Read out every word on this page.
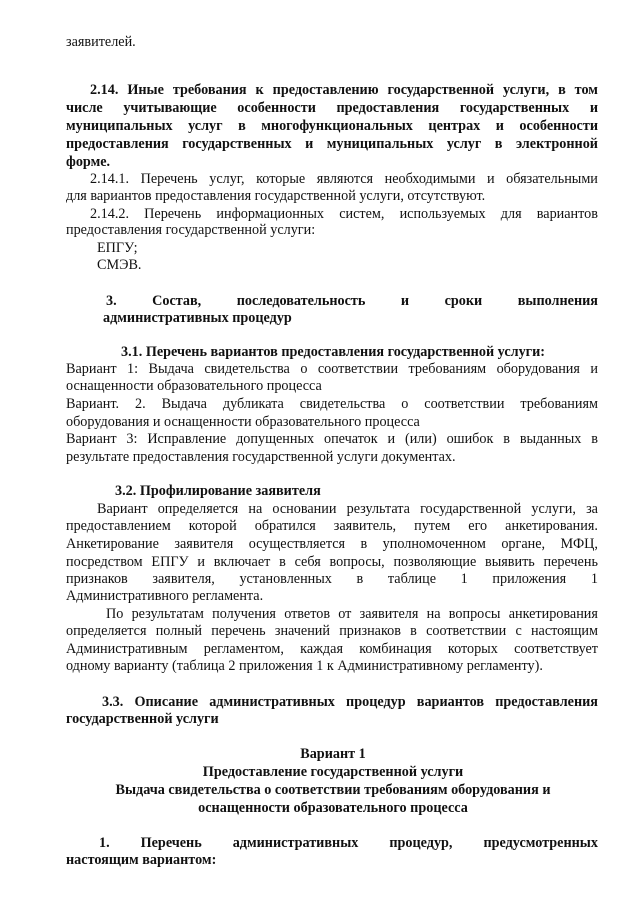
заявителей.
2.14. Иные требования к предоставлению государственной услуги, в том
числе учитывающие особенности предоставления государственных и
муниципальных услуг в многофункциональных центрах и особенности
предоставления государственных и муниципальных услуг в электронной
форме.
2.14.1. Перечень услуг, которые являются необходимыми и обязательными
для вариантов предоставления государственной услуги, отсутствуют.
2.14.2. Перечень информационных систем, используемых для вариантов
предоставления государственной услуги:
ЕПГУ;
СМЭВ.
3. Состав, последовательность и сроки выполнения
административных процедур
3.1. Перечень вариантов предоставления государственной услуги:
Вариант 1: Выдача свидетельства о соответствии требованиям оборудования и
оснащенности образовательного процесса
Вариант. 2. Выдача дубликата свидетельства о соответствии требованиям
оборудования и оснащенности образовательного процесса
Вариант 3: Исправление допущенных опечаток и (или) ошибок в выданных в
результате предоставления государственной услуги документах.
3.2. Профилирование заявителя
Вариант определяется на основании результата государственной услуги, за
предоставлением которой обратился заявитель, путем его анкетирования.
Анкетирование заявителя осуществляется в уполномоченном органе, МФЦ,
посредством ЕПГУ и включает в себя вопросы, позволяющие выявить перечень
признаков заявителя, установленных в таблице 1 приложения 1
Административного регламента.
По результатам получения ответов от заявителя на вопросы анкетирования
определяется полный перечень значений признаков в соответствии с настоящим
Административным регламентом, каждая комбинация которых соответствует
одному варианту (таблица 2 приложения 1 к Административному регламенту).
3.3. Описание административных процедур вариантов предоставления
государственной услуги
Вариант 1
Предоставление государственной услуги
Выдача свидетельства о соответствии требованиям оборудования и
оснащенности образовательного процесса
1. Перечень административных процедур, предусмотренных
настоящим вариантом:
